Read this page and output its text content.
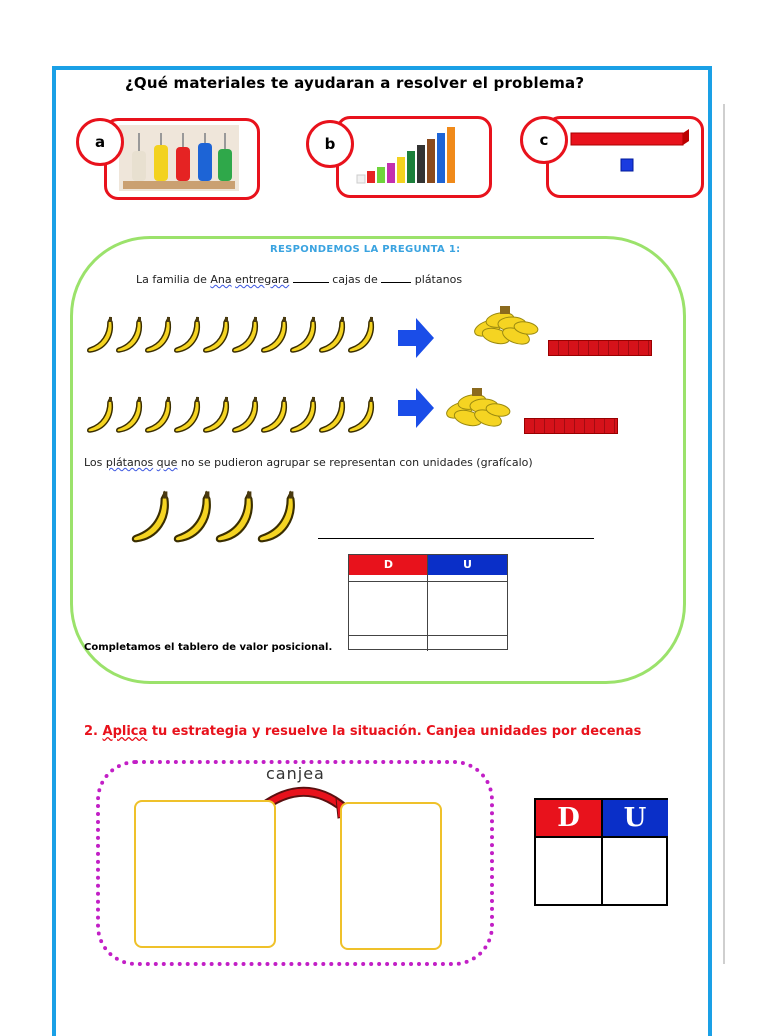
¿Qué materiales te ayudaran a resolver el problema?
a	b	c
RESPONDEMOS LA PREGUNTA 1:
La familia de Ana entregara	cajas de	plátanos
Los plátanos que no se pudieron agrupar se representan con unidades (grafícalo)
D	U
Completamos el tablero de valor posicional.
2. Aplica tu estrategia y resuelve la situación. Canjea unidades por decenas
canjea
D	U
